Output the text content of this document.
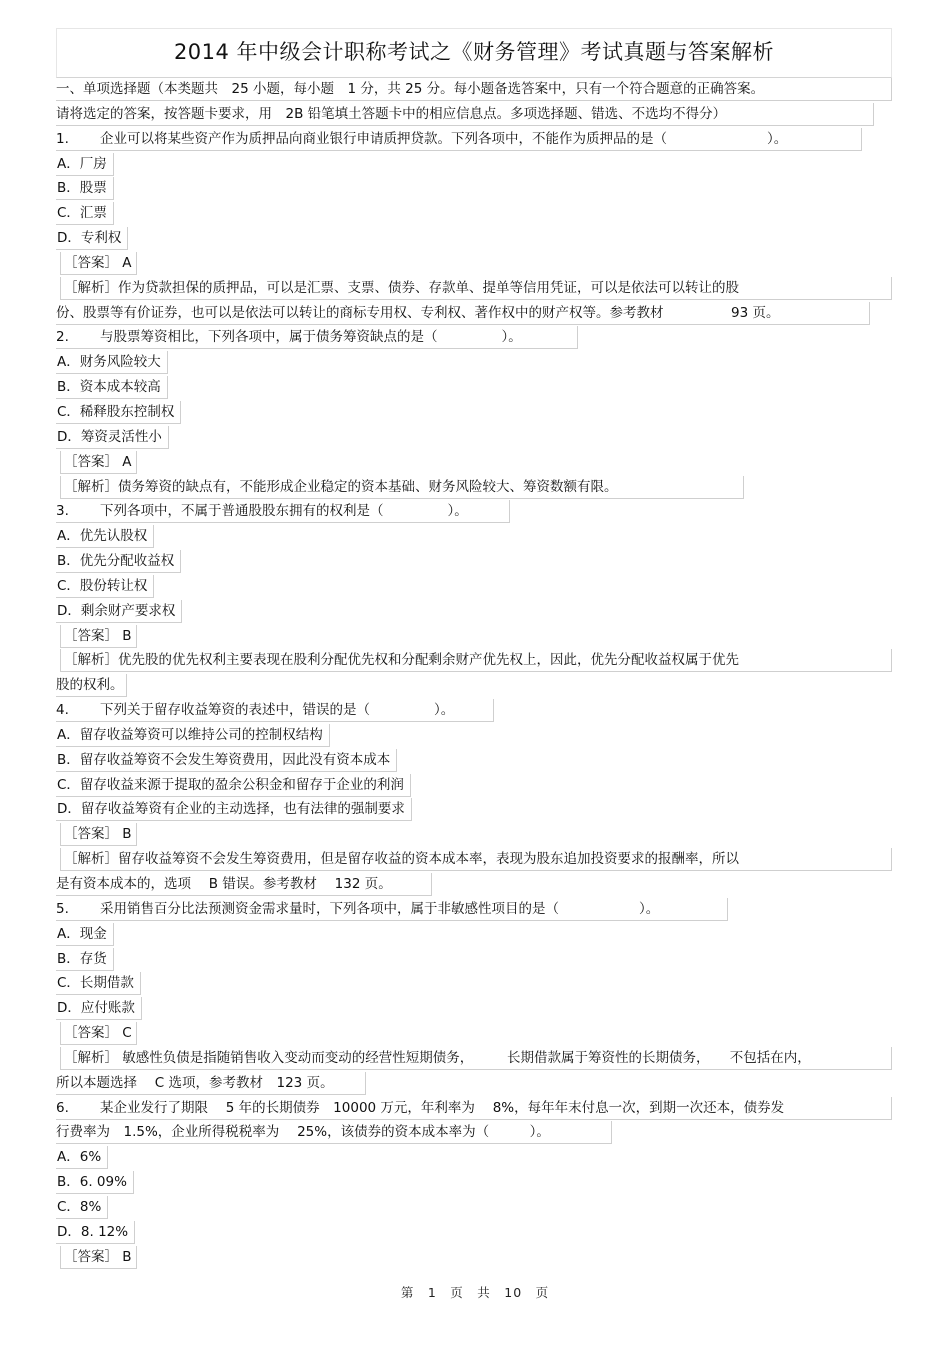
2014 年中级会计职称考试之《财务管理》考试真题与答案解析
一、单项选择题（本类题共　25 小题，每小题　1 分，共 25 分。每小题备选答案中，只有一个符合题意的正确答案。
请将选定的答案，按答题卡要求，用　2B 铅笔填土答题卡中的相应信息点。多项选择题、错选、不选均不得分）
1. 企业可以将某些资产作为质押品向商业银行申请质押贷款。下列各项中，不能作为质押品的是（	）。
A．厂房
B．股票
C．汇票
D．专利权
［答案］ A
［解析］作为贷款担保的质押品，可以是汇票、支票、债券、存款单、提单等信用凭证，可以是依法可以转让的股
份、股票等有价证券，也可以是依法可以转让的商标专用权、专利权、著作权中的财产权等。参考教材　　　　　93 页。
2. 与股票筹资相比，下列各项中，属于债务筹资缺点的是（	）。
A．财务风险较大
B．资本成本较高
C．稀释股东控制权
D．筹资灵活性小
［答案］ A
［解析］债务筹资的缺点有，不能形成企业稳定的资本基础、财务风险较大、筹资数额有限。
3. 下列各项中，不属于普通股股东拥有的权利是（	）。
A．优先认股权
B．优先分配收益权
C．股份转让权
D．剩余财产要求权
［答案］ B
［解析］优先股的优先权利主要表现在股利分配优先权和分配剩余财产优先权上，因此，优先分配收益权属于优先
股的权利。
4. 下列关于留存收益筹资的表述中，错误的是（	）。
A．留存收益筹资可以维持公司的控制权结构
B．留存收益筹资不会发生筹资费用，因此没有资本成本
C．留存收益来源于提取的盈余公积金和留存于企业的利润
D．留存收益筹资有企业的主动选择，也有法律的强制要求
［答案］ B
［解析］留存收益筹资不会发生筹资费用，但是留存收益的资本成本率，表现为股东追加投资要求的报酬率，所以
是有资本成本的，选项　 B 错误。参考教材　 132 页。
5. 采用销售百分比法预测资金需求量时，下列各项中，属于非敏感性项目的是（	）。
A．现金
B．存货
C．长期借款
D．应付账款
［答案］ C
［解析］ 敏感性负债是指随销售收入变动而变动的经营性短期债务，　　　长期借款属于筹资性的长期债务，　　不包括在内，
所以本题选择　 C 选项，参考教材　123 页。
6. 某企业发行了期限　 5 年的长期债券　10000 万元，年利率为　 8%，每年年末付息一次，到期一次还本，债券发
行费率为　1.5%，企业所得税税率为　 25%，该债券的资本成本率为（　　　）。
A．6%
B．6. 09%
C．8%
D．8. 12%
［答案］ B
第　1　页　共　10　页
